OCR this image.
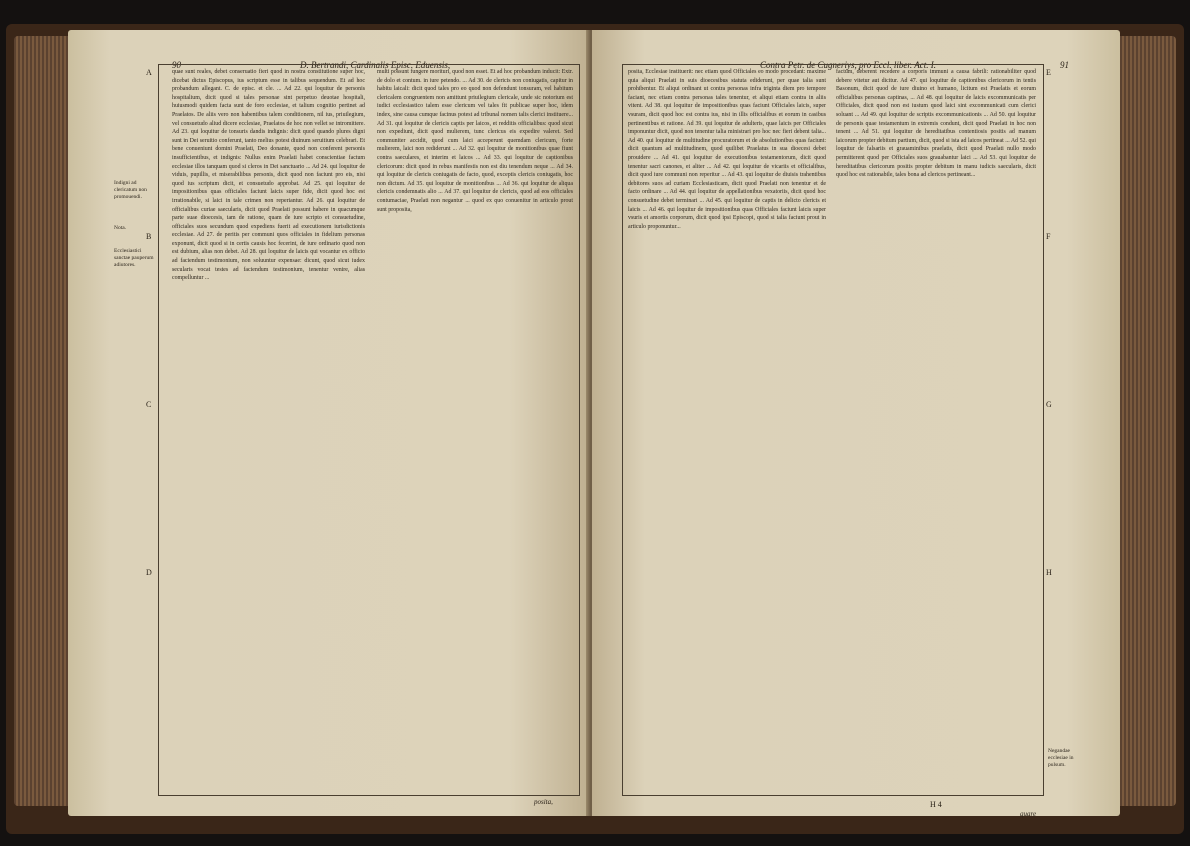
90	D. Bertrandi, Cardinalis Episc. Eduensis,

quae sunt reales, debet conseruatio fieri quod in nostra constitutione super hoc, dicebat dictus Episcopus, ius scriptum esse in talibus sequendum. Et ad hoc probandum allegant. C. de episc. et cle. ... Ad 22. qui loquitur de personis hospitalium, dicit quod si tales personae sint perpetuo deuotae hospitali, huiusmodi quidem facta sunt de foro ecclesiae, et talium cognitio pertinet ad Praelatos. De aliis vero non habentibus talem conditionem, nil ius, priuilegium, vel consuetudo aliud dicere ecclesiae, Praelatos de hoc non vellet se intromittere. Ad 23. qui loquitur de tonsuris dandis indignis: dicit quod quando plures digni sunt in Dei seruitio conferunt, tanto melius potest diuinum seruitium celebrari. Et bene conueniunt domini Praelati, Deo donante, quod non conferent personis insufficientibus, et indignis: Nullus enim Praelati habet conscientiae factum ecclesiae illos tanquam quod si cleros in Dei sanctuario ... Ad 24. qui loquitur de viduis, pupillis, et miserabilibus personis, dicit quod non faciunt pro eis, nisi quod ius scriptum dicit, et consuetudo approbat. Ad 25. qui loquitur de impositionibus quas officiales faciunt laicis super fide, dicit quod hoc est irrationabile, si laici in tale crimen non reperiantur. Ad 26. qui loquitur de officialibus curiae saecularis, dicit quod Praelati possunt habere in quacumque parte suae dioecesis, tam de ratione, quam de iure scripto et consuetudine, officiales suos secundum quod expediens fuerit ad executionem iurisdictionis ecclesiae. Ad 27. de peritis per communi quos officiales in fidelium personas exponunt, dicit quod si in certis causis hoc fecerint, de iure ordinario quod non est dubium, alias non debet. Ad 28. qui loquitur de laicis qui vocantur ex officio ad faciendum testimonium, non soluuntur expensae: dicunt, quod sicut iudex secularis vocat testes ad faciendum testimonium, tenentur venire, alias compelluntur ...

multi possunt fungere morituri, quod non esset. Et ad hoc probandum inducit: Extr. de dolo et contum. in iure petendo. ... Ad 30. de clericis non coniugatis, capitur in habitu laicali: dicit quod tales pro eo quod non defendunt tonsuram, vel habitum clericalem congruentem non amittunt priuilegium clericale, unde sic notorium est iudici ecclesiastico talem esse clericum vel tales fit publicae super hoc, idem index, sine causa cumque facinus potest ad tribunal nomen talis clerici instituere... Ad 31. qui loquitur de clericis captis per laicos, et redditis officialibus: quod sicut non expediunt, dicit quod mulierem, tunc clericus eis expedire valeret. Sed communiter accidit, quod cum laici acceperunt quemdam clericum, forte mulierem, laici non rediderunt ... Ad 32. qui loquitur de monitionibus quae fiunt contra saeculares, et interim et laicos ... Ad 33. qui loquitur de captionibus clericorum: dicit quod in rebus manifestis non est diu tenendum neque ... Ad 34. qui loquitur de clericis coniugatis de facto, quod, exceptis clericis coniugatis, hoc non dictum. Ad 35. qui loquitur de monitionibus ... Ad 36. qui loquitur de aliqua clericis condemnatis alio ... Ad 37. qui loquitur de clericis, quod ad eos officiales contumaciae, Praelati non negantur ... quod ex quo conuenitur in articulo prout sunt proposita,

A
B
C
D
Indigni ad clericatum non promouendi.
Nota.
Ecclesiastici sanctae pauperum adiutores.
posita,
Contra Petr. de Cugneriys, pro Eccl. liber. Act. I.	91

posita, Ecclesiae instituerit: nec etiam quod Officiales eo modo procedant: maxime quia aliqui Praelati in suis dioecesibus statuta ediderunt, per quae talia sunt prohibentur. Et aliqui ordinant ut contra personas infra triginta diem pro tempore faciant, nec etiam contra personas tales tenentur, et aliqui etiam contra in aliis vitent. Ad 38. qui loquitur de impositionibus quas faciunt Officiales laicis, super vsuram, dicit quod hoc est contra ius, nisi in illis officialibus et eorum in casibus pertinentibus et ratione. Ad 39. qui loquitur de adulteris, quae laicis per Officiales imponuntur dicit, quod non tenentur talia ministrari pro hoc nec fieri debent talia... Ad 40. qui loquitur de multitudine procuratorum et de absolutionibus quas faciunt: dicit quantum ad multitudinem, quod quilibet Praelatus in sua dioecesi debet prouidere ... Ad 41. qui loquitur de executionibus testamentorum, dicit quod tenentur sacri canones, et aliter ... Ad 42. qui loquitur de vicariis et officialibus, dicit quod iure communi non reperitur ... Ad 43. qui loquitur de diuisis trahentibus debitores suos ad curiam Ecclesiasticam, dicit quod Praelati non tenentur et de facto ordinare ... Ad 44. qui loquitur de appellationibus vexatoriis, dicit quod hoc consuetudine debet terminari ... Ad 45. qui loquitur de captis in delicto clericis et laicis ... Ad 46. qui loquitur de impositionibus quas Officiales faciunt laicis super vsuris et amortis corporum, dicit quod ipsi Episcopi, quod si talia faciunt prout in articulo proponuntur...

factum, deberent recedere a corporis immuni a causa fabrili: rationabiliter quod debere vitetur aut dicitur. Ad 47. qui loquitur de captionibus clericorum in tentis Basonum, dicit quod de iure diuino et humano, licitum est Praelatis et eorum officialibus personas captinas, ... Ad 48. qui loquitur de laicis excommunicatis per Officiales, dicit quod non est iustum quod laici sint excommunicati cum clerici soluant ... Ad 49. qui loquitur de scriptis excommunicationis ... Ad 50. qui loquitur de personis quae testamentum in extremis condunt, dicit quod Praelati in hoc non tenent ... Ad 51. qui loquitur de hereditatibus contentiosis positis ad manum laicorum propter debitum partium, dicit, quod si ista ad laicos pertineat ... Ad 52. qui loquitur de falsariis et grauaminibus praelatis, dicit quod Praelati nullo modo permitterent quod per Officiales suos grauabantur laici ... Ad 53. qui loquitur de hereditatibus clericorum positis propter debitum in manu iudicis saecularis, dicit quod hoc est rationabile, tales bona ad clericos pertineant...

E
F
G
H
Negandae ecclesiae in pulsum.
H 4
quare
